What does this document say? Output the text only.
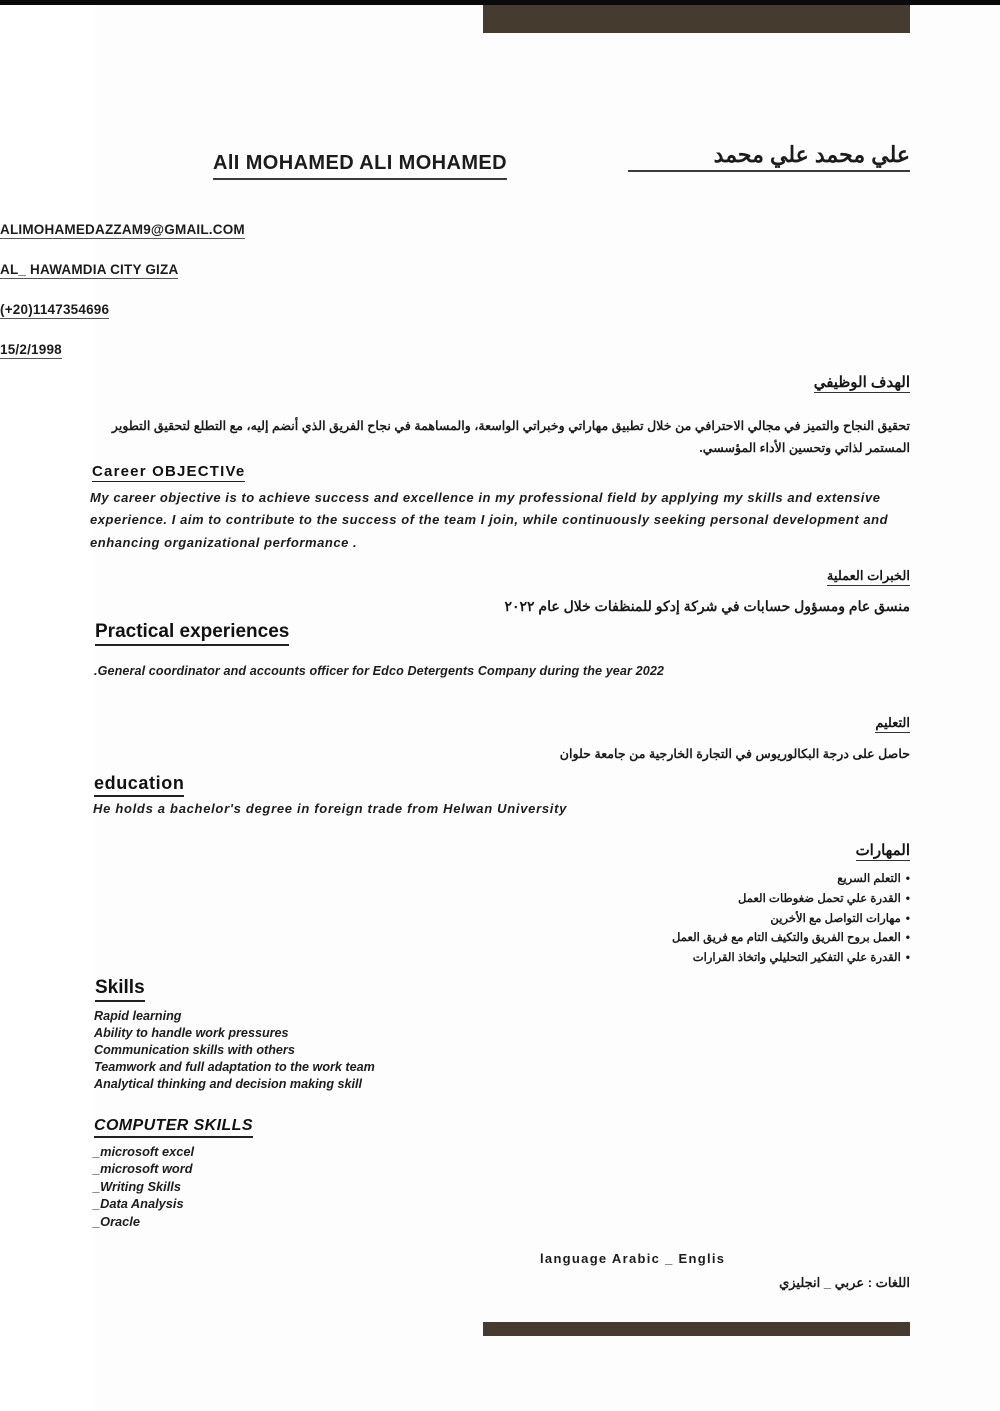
AlI MOHAMED ALI MOHAMED	علي محمد علي محمد
ALIMOHAMEDAZZAM9@GMAIL.COM
AL_ HAWAMDIA CITY GIZA
(+20)1147354696
15/2/1998
الهدف الوظيفي
تحقيق النجاح والتميز في مجالي الاحترافي من خلال تطبيق مهاراتي وخبراتي الواسعة، والمساهمة في نجاح الفريق الذي أنضم إليه، مع التطلع لتحقيق التطوير المستمر لذاتي وتحسين الأداء المؤسسي.
Career OBJECTIVe
My career objective is to achieve success and excellence in my professional field by applying my skills and extensive experience. I aim to contribute to the success of the team I join, while continuously seeking personal development and enhancing organizational performance .
الخبرات العملية
منسق عام ومسؤول حسابات في شركة إدكو للمنظفات خلال عام ٢٠٢٢
Practical experiences
.General coordinator and accounts officer for Edco Detergents Company during the year 2022
التعليم
حاصل على درجة البكالوريوس في التجارة الخارجية من جامعة حلوان
education
He holds a bachelor's degree in foreign trade from Helwan University
المهارات
• التعلم السريع
• القدرة علي تحمل ضغوطات العمل
• مهارات التواصل مع الأخرين
• العمل بروح الفريق والتكيف التام مع فريق العمل
• القدرة علي التفكير التحليلي واتخاذ القرارات
Skills
Rapid learning
Ability to handle work pressures
Communication skills with others
Teamwork and full adaptation to the work team
Analytical thinking and decision making skill
COMPUTER SKILLS
_microsoft excel
_microsoft word
_Writing Skills
_Data Analysis
_Oracle
language Arabic _ Englis
اللغات : عربي _ انجليزي
